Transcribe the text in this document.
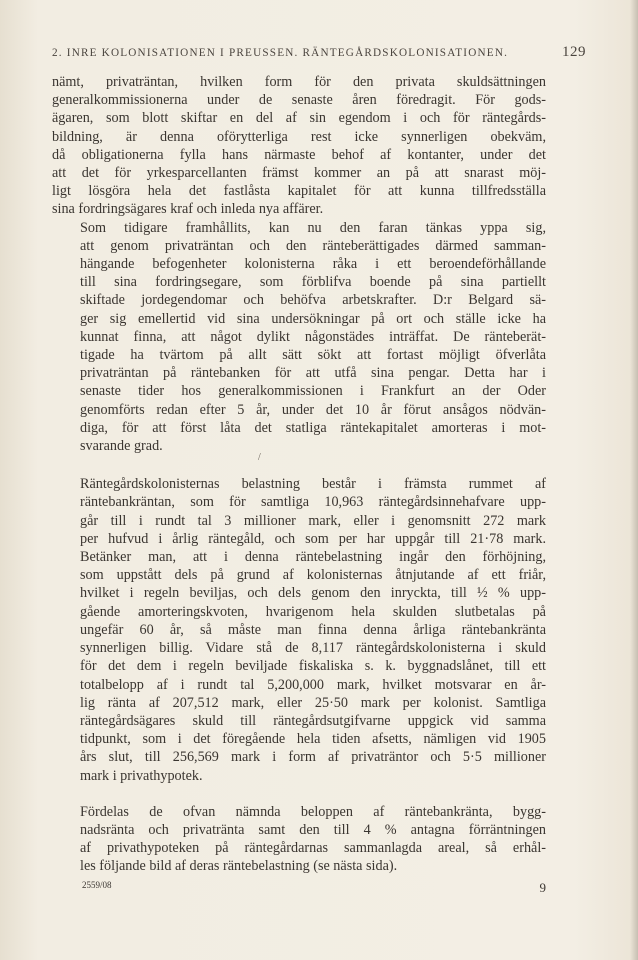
2. INRE KOLONISATIONEN I PREUSSEN. RÄNTEGÅRDSKOLONISATIONEN.	129

nämt, privaträntan, hvilken form för den privata skuldsättningen
generalkommissionerna under de senaste åren föredragit. För gods-
ägaren, som blott skiftar en del af sin egendom i och för räntegårds-
bildning, är denna oförytterliga rest icke synnerligen obekväm,
då obligationerna fylla hans närmaste behof af kontanter, under det
att det för yrkesparcellanten främst kommer an på att snarast möj-
ligt lösgöra hela det fastlåsta kapitalet för att kunna tillfredsställa
sina fordringsägares kraf och inleda nya affärer.

Som tidigare framhållits, kan nu den faran tänkas yppa sig,
att genom privaträntan och den ränteberättigades därmed samman-
hängande befogenheter kolonisterna råka i ett beroendeförhållande
till sina fordringsegare, som förblifva boende på sina partiellt
skiftade jordegendomar och behöfva arbetskrafter. D:r Belgard sä-
ger sig emellertid vid sina undersökningar på ort och ställe icke ha
kunnat finna, att något dylikt någonstädes inträffat. De ränteberät-
tigade ha tvärtom på allt sätt sökt att fortast möjligt öfverlåta
privaträntan på räntebanken för att utfå sina pengar. Detta har i
senaste tider hos generalkommissionen i Frankfurt an der Oder
genomförts redan efter 5 år, under det 10 år förut ansågos nödvän-
diga, för att först låta det statliga räntekapitalet amorteras i mot-
svarande grad.

Räntegårdskolonisternas belastning består i främsta rummet af
räntebankräntan, som för samtliga 10,963 räntegårdsinnehafvare upp-
går till i rundt tal 3 millioner mark, eller i genomsnitt 272 mark
per hufvud i årlig räntegåld, och som per har uppgår till 21·78 mark.
Betänker man, att i denna räntebelastning ingår den förhöjning,
som uppstått dels på grund af kolonisternas åtnjutande af ett friår,
hvilket i regeln beviljas, och dels genom den inryckta, till ½ % upp-
gående amorteringskvoten, hvarigenom hela skulden slutbetalas på
ungefär 60 år, så måste man finna denna årliga räntebankränta
synnerligen billig. Vidare stå de 8,117 räntegårdskolonisterna i skuld
för det dem i regeln beviljade fiskaliska s. k. byggnadslånet, till ett
totalbelopp af i rundt tal 5,200,000 mark, hvilket motsvarar en år-
lig ränta af 207,512 mark, eller 25·50 mark per kolonist. Samtliga
räntegårdsägares skuld till räntegårdsutgifvarne uppgick vid samma
tidpunkt, som i det föregående hela tiden afsetts, nämligen vid 1905
års slut, till 256,569 mark i form af privaträntor och 5·5 millioner
mark i privathypotek.

Fördelas de ofvan nämnda beloppen af räntebankränta, bygg-
nadsränta och privatränta samt den till 4 % antagna förräntningen
af privathypoteken på räntegårdarnas sammanlagda areal, så erhål-
les följande bild af deras räntebelastning (se nästa sida).

/
2559/08	9
